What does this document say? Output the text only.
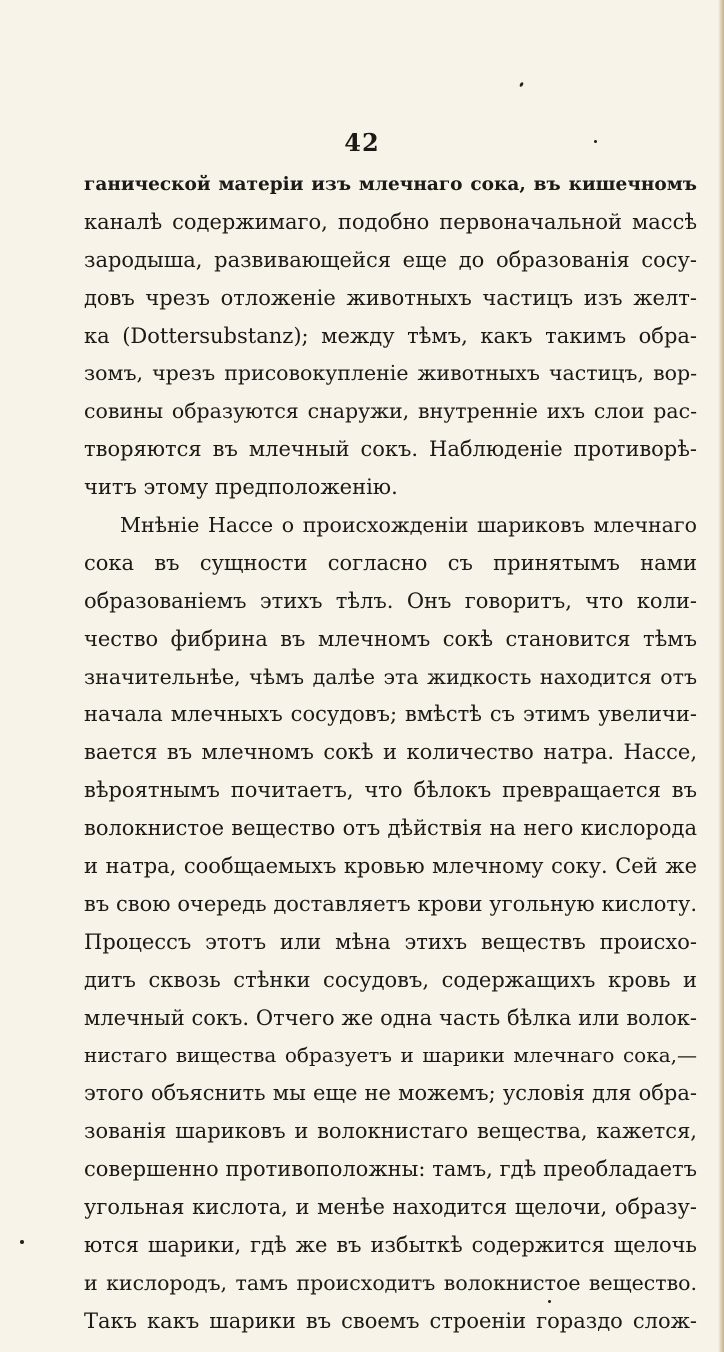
42
ганической матеріи изъ млечнаго сока, въ кишечномъ
каналѣ содержимаго, подобно первоначальной массѣ
зародыша, развивающейся еще до образованія сосу-
довъ чрезъ отложеніе животныхъ частицъ изъ желт-
ка (Dottersubstanz); между тѣмъ, какъ такимъ обра-
зомъ, чрезъ присовокупленіе животныхъ частицъ, вор-
совины образуются снаружи, внутренніе ихъ слои рас-
творяются въ млечный сокъ. Наблюденіе противорѣ-
читъ этому предположенію.
Мнѣніе Нассе о происхожденіи шариковъ млечнаго
сока въ сущности согласно съ принятымъ нами
образованіемъ этихъ тѣлъ. Онъ говоритъ, что коли-
чество фибрина въ млечномъ сокѣ становится тѣмъ
значительнѣе, чѣмъ далѣе эта жидкость находится отъ
начала млечныхъ сосудовъ; вмѣстѣ съ этимъ увеличи-
вается въ млечномъ сокѣ и количество натра. Нассе,
вѣроятнымъ почитаетъ, что бѣлокъ превращается въ
волокнистое вещество отъ дѣйствія на него кислорода
и натра, сообщаемыхъ кровью млечному соку. Сей же
въ свою очередь доставляетъ крови угольную кислоту.
Процессъ этотъ или мѣна этихъ веществъ происхо-
дитъ сквозь стѣнки сосудовъ, содержащихъ кровь и
млечный сокъ. Отчего же одна часть бѣлка или волок-
нистаго вищества образуетъ и шарики млечнаго сока,—
этого объяснить мы еще не можемъ; условія для обра-
зованія шариковъ и волокнистаго вещества, кажется,
совершенно противоположны: тамъ, гдѣ преобладаетъ
угольная кислота, и менѣе находится щелочи, образу-
ются шарики, гдѣ же въ избыткѣ содержится щелочь
и кислородъ, тамъ происходитъ волокнистое вещество.
Такъ какъ шарики въ своемъ строеніи гораздо слож-
